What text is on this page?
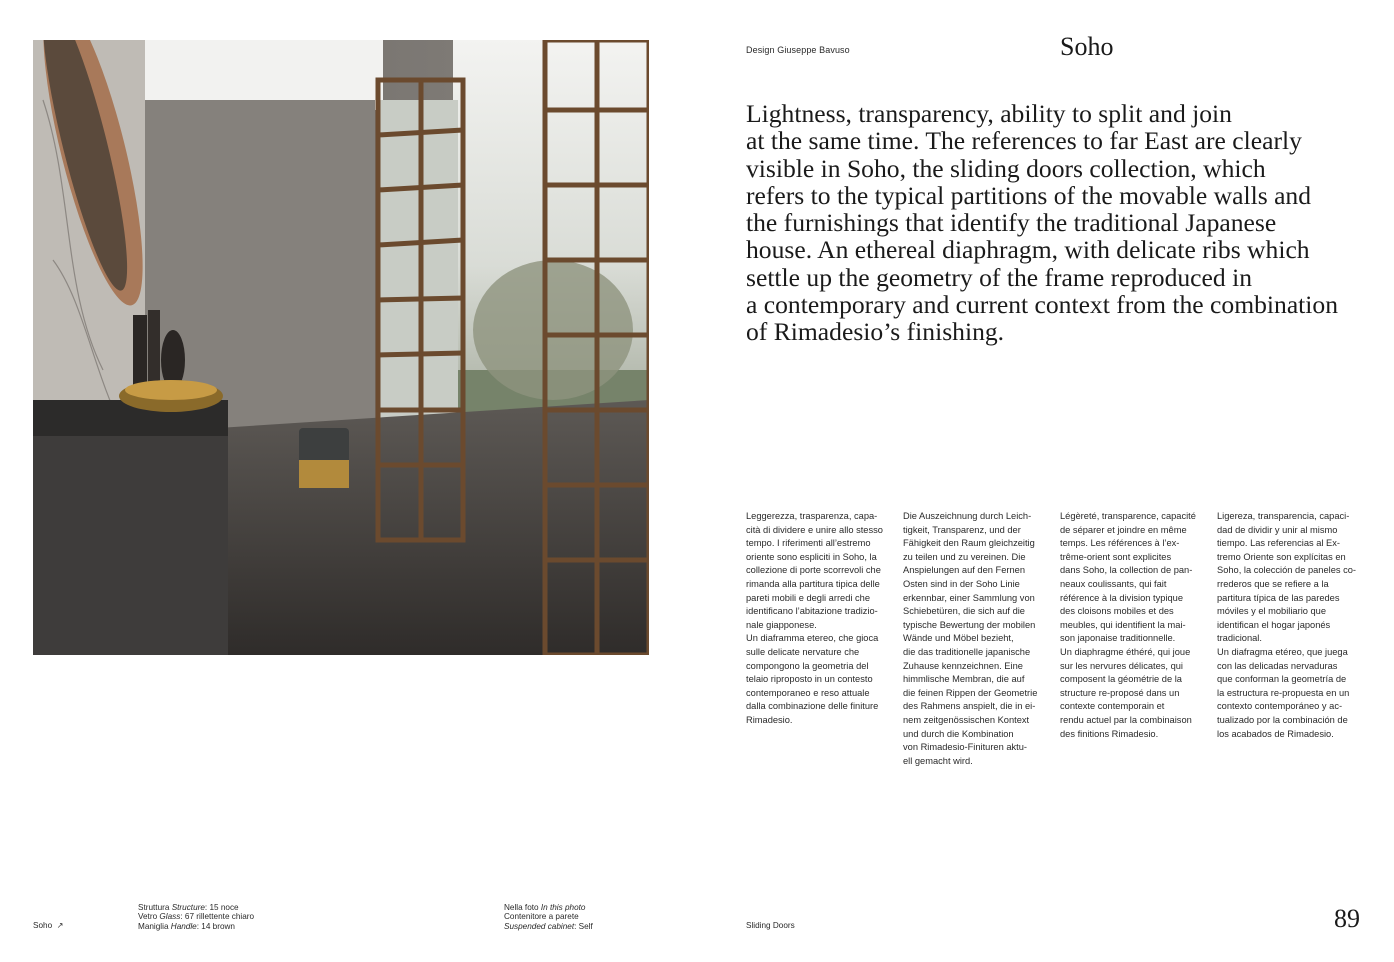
Design Giuseppe Bavuso	Soho
Lightness, transparency, ability to split and join
at the same time. The references to far East are clearly
visible in Soho, the sliding doors collection, which
refers to the typical partitions of the movable walls and
the furnishings that identify the traditional Japanese
house. An ethereal diaphragm, with delicate ribs which
settle up the geometry of the frame reproduced in
a contemporary and current context from the combination
of Rimadesio’s finishing.
Leggerezza, trasparenza, capa-
cità di dividere e unire allo stesso
tempo. I riferimenti all’estremo
oriente sono espliciti in Soho, la
collezione di porte scorrevoli che
rimanda alla partitura tipica delle
pareti mobili e degli arredi che
identificano l’abitazione tradizio-
nale giapponese.
Un diaframma etereo, che gioca
sulle delicate nervature che
compongono la geometria del
telaio riproposto in un contesto
contemporaneo e reso attuale
dalla combinazione delle finiture
Rimadesio.
Die Auszeichnung durch Leich-
tigkeit, Transparenz, und der
Fähigkeit den Raum gleichzeitig
zu teilen und zu vereinen. Die
Anspielungen auf den Fernen
Osten sind in der Soho Linie
erkennbar, einer Sammlung von
Schiebetüren, die sich auf die
typische Bewertung der mobilen
Wände und Möbel bezieht,
die das traditionelle japanische
Zuhause kennzeichnen. Eine
himmlische Membran, die auf
die feinen Rippen der Geometrie
des Rahmens anspielt, die in ei-
nem zeitgenössischen Kontext
und durch die Kombination
von Rimadesio-Finituren aktu-
ell gemacht wird.
Légèreté, transparence, capacité
de séparer et joindre en même
temps. Les références à l’ex-
trême-orient sont explicites
dans Soho, la collection de pan-
neaux coulissants, qui fait
référence à la division typique
des cloisons mobiles et des
meubles, qui identifient la mai-
son japonaise traditionnelle.
Un diaphragme éthéré, qui joue
sur les nervures délicates, qui
composent la géométrie de la
structure re-proposé dans un
contexte contemporain et
rendu actuel par la combinaison
des finitions Rimadesio.
Ligereza, transparencia, capaci-
dad de dividir y unir al mismo
tiempo. Las referencias al Ex-
tremo Oriente son explícitas en
Soho, la colección de paneles co-
rrederos que se refiere a la
partitura típica de las paredes
móviles y el mobiliario que
identifican el hogar japonés
tradicional.
Un diafragma etéreo, que juega
con las delicadas nervaduras
que conforman la geometría de
la estructura re-propuesta en un
contexto contemporáneo y ac-
tualizado por la combinación de
los acabados de Rimadesio.
Soho ↗
Struttura Structure: 15 noce
Vetro Glass: 67 rillettente chiaro
Maniglia Handle: 14 brown
Nella foto In this photo
Contenitore a parete
Suspended cabinet: Self	Sliding Doors	89
